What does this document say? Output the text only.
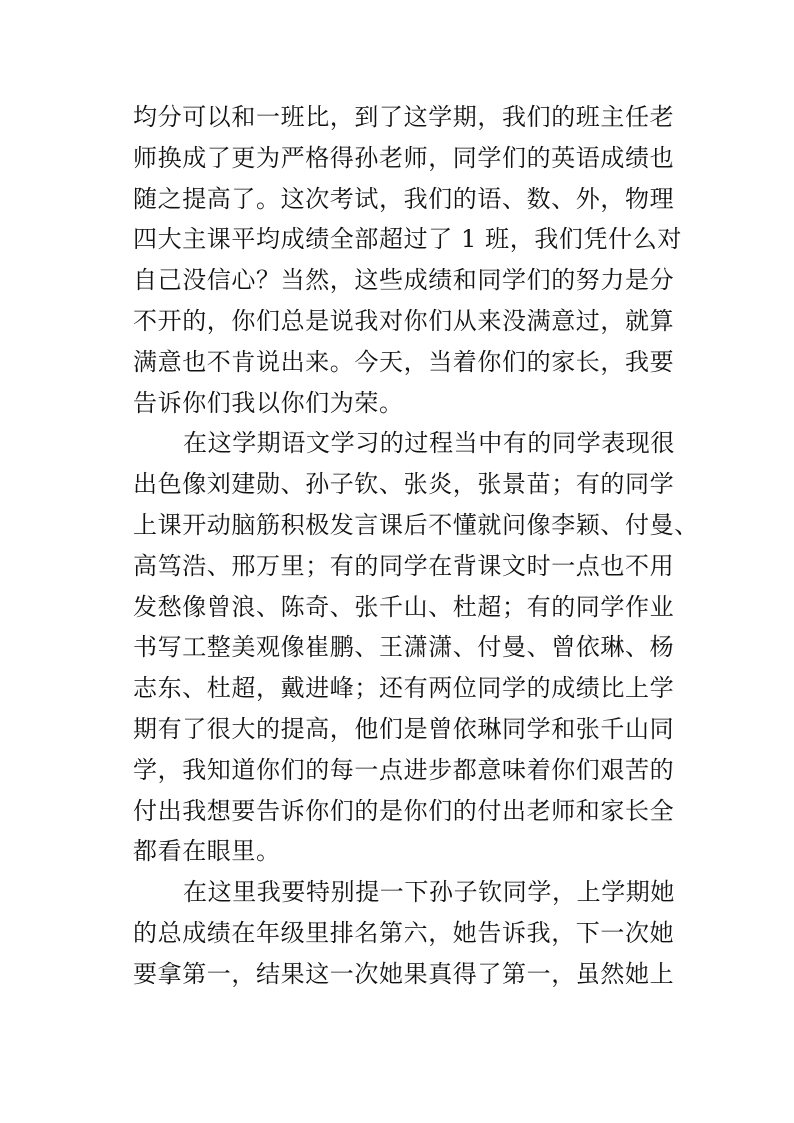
均分可以和一班比，到了这学期，我们的班主任老
师换成了更为严格得孙老师，同学们的英语成绩也
随之提高了。这次考试，我们的语、数、外，物理
四大主课平均成绩全部超过了 1 班，我们凭什么对
自己没信心？当然，这些成绩和同学们的努力是分
不开的，你们总是说我对你们从来没满意过，就算
满意也不肯说出来。今天，当着你们的家长，我要
告诉你们我以你们为荣。
在这学期语文学习的过程当中有的同学表现很
出色像刘建勋、孙子钦、张炎，张景苗；有的同学
上课开动脑筋积极发言课后不懂就问像李颖、付曼、
高笃浩、邢万里；有的同学在背课文时一点也不用
发愁像曾浪、陈奇、张千山、杜超；有的同学作业
书写工整美观像崔鹏、王潇潇、付曼、曾依琳、杨
志东、杜超，戴进峰；还有两位同学的成绩比上学
期有了很大的提高，他们是曾依琳同学和张千山同
学，我知道你们的每一点进步都意味着你们艰苦的
付出我想要告诉你们的是你们的付出老师和家长全
都看在眼里。
在这里我要特别提一下孙子钦同学，上学期她
的总成绩在年级里排名第六，她告诉我，下一次她
要拿第一，结果这一次她果真得了第一，虽然她上
